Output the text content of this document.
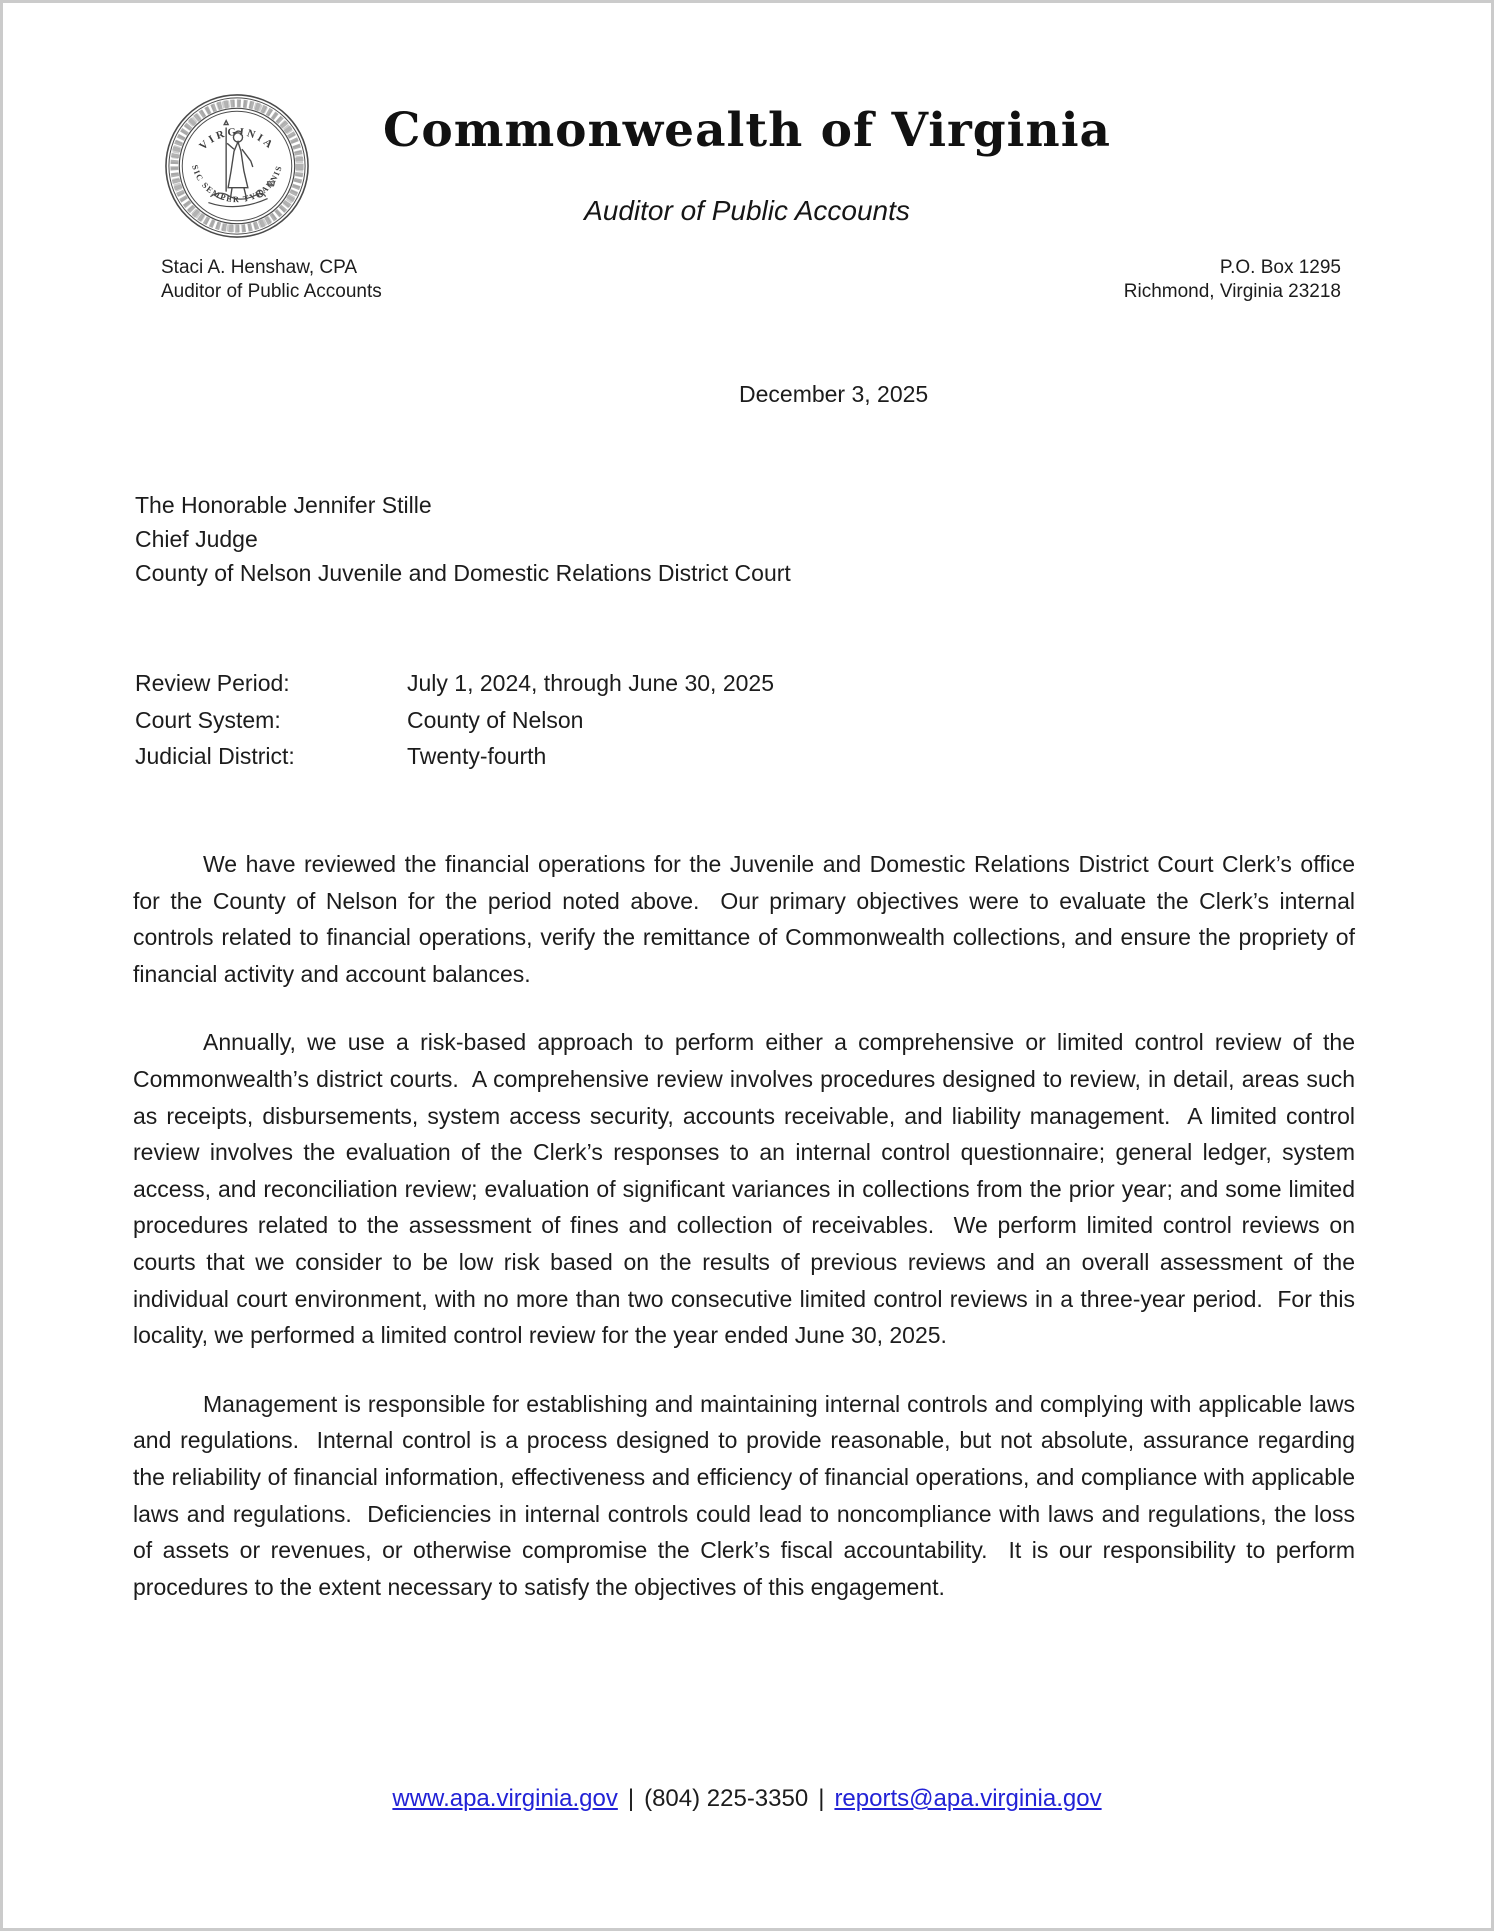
VIRGINIA
SIC SEMPER TYRANNIS
Commonwealth of Virginia
Auditor of Public Accounts
Staci A. Henshaw, CPA
Auditor of Public Accounts
P.O. Box 1295
Richmond, Virginia 23218
December 3, 2025
The Honorable Jennifer Stille
Chief Judge
County of Nelson Juvenile and Domestic Relations District Court
Review Period:	July 1, 2024, through June 30, 2025
Court System:	County of Nelson
Judicial District:	Twenty-fourth

We have reviewed the financial operations for the Juvenile and Domestic Relations District Court Clerk’s office for the County of Nelson for the period noted above.  Our primary objectives were to evaluate the Clerk’s internal controls related to financial operations, verify the remittance of Commonwealth collections, and ensure the propriety of financial activity and account balances.

Annually, we use a risk-based approach to perform either a comprehensive or limited control review of the Commonwealth’s district courts.  A comprehensive review involves procedures designed to review, in detail, areas such as receipts, disbursements, system access security, accounts receivable, and liability management.  A limited control review involves the evaluation of the Clerk’s responses to an internal control questionnaire; general ledger, system access, and reconciliation review; evaluation of significant variances in collections from the prior year; and some limited procedures related to the assessment of fines and collection of receivables.  We perform limited control reviews on courts that we consider to be low risk based on the results of previous reviews and an overall assessment of the individual court environment, with no more than two consecutive limited control reviews in a three-year period.  For this locality, we performed a limited control review for the year ended June 30, 2025.

Management is responsible for establishing and maintaining internal controls and complying with applicable laws and regulations.  Internal control is a process designed to provide reasonable, but not absolute, assurance regarding the reliability of financial information, effectiveness and efficiency of financial operations, and compliance with applicable laws and regulations.  Deficiencies in internal controls could lead to noncompliance with laws and regulations, the loss of assets or revenues, or otherwise compromise the Clerk’s fiscal accountability.  It is our responsibility to perform procedures to the extent necessary to satisfy the objectives of this engagement.

www.apa.virginia.gov | (804) 225-3350 | reports@apa.virginia.gov
